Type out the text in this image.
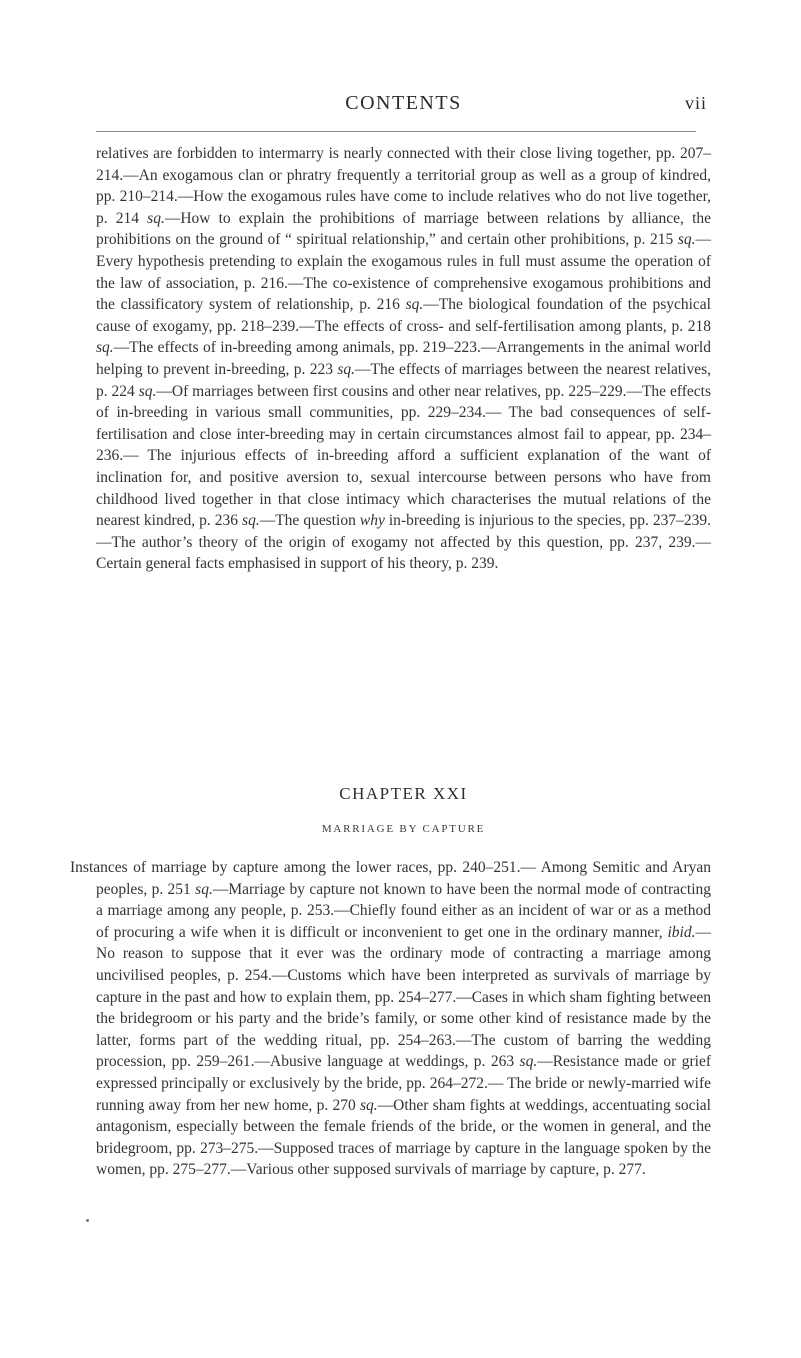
CONTENTS	vii

relatives are forbidden to intermarry is nearly connected with their close living together, pp. 207–214.—An exogamous clan or phratry frequently a territorial group as well as a group of kindred, pp. 210–214.—How the exogamous rules have come to include relatives who do not live together, p. 214 sq.—How to explain the prohibitions of marriage between relations by alliance, the prohibitions on the ground of “ spiritual relationship,” and certain other prohibitions, p. 215 sq.— Every hypothesis pretending to explain the exogamous rules in full must assume the operation of the law of association, p. 216.—The co-existence of comprehensive exogamous prohibitions and the classificatory system of relationship, p. 216 sq.—The biological foundation of the psychical cause of exogamy, pp. 218–239.—The effects of cross- and self-fertilisation among plants, p. 218 sq.—The effects of in-breeding among animals, pp. 219–223.—Arrangements in the animal world helping to prevent in-breeding, p. 223 sq.—The effects of marriages between the nearest relatives, p. 224 sq.—Of marriages between first cousins and other near relatives, pp. 225–229.—The effects of in-breeding in various small communities, pp. 229–234.— The bad consequences of self-fertilisation and close inter-breeding may in certain circumstances almost fail to appear, pp. 234–236.— The injurious effects of in-breeding afford a sufficient explanation of the want of inclination for, and positive aversion to, sexual intercourse between persons who have from childhood lived together in that close intimacy which characterises the mutual relations of the nearest kindred, p. 236 sq.—The question why in-breeding is injurious to the species, pp. 237–239.—The author’s theory of the origin of exogamy not affected by this question, pp. 237, 239.—Certain general facts emphasised in support of his theory, p. 239.

CHAPTER XXI
MARRIAGE BY CAPTURE

Instances of marriage by capture among the lower races, pp. 240–251.— Among Semitic and Aryan peoples, p. 251 sq.—Marriage by capture not known to have been the normal mode of contracting a marriage among any people, p. 253.—Chiefly found either as an incident of war or as a method of procuring a wife when it is difficult or inconvenient to get one in the ordinary manner, ibid.—No reason to suppose that it ever was the ordinary mode of contracting a marriage among uncivilised peoples, p. 254.—Customs which have been interpreted as survivals of marriage by capture in the past and how to explain them, pp. 254–277.—Cases in which sham fighting between the bridegroom or his party and the bride’s family, or some other kind of resistance made by the latter, forms part of the wedding ritual, pp. 254–263.—The custom of barring the wedding procession, pp. 259–261.—Abusive language at weddings, p. 263 sq.—Resistance made or grief expressed principally or exclusively by the bride, pp. 264–272.— The bride or newly-married wife running away from her new home, p. 270 sq.—Other sham fights at weddings, accentuating social antagonism, especially between the female friends of the bride, or the women in general, and the bridegroom, pp. 273–275.—Supposed traces of marriage by capture in the language spoken by the women, pp. 275–277.—Various other supposed survivals of marriage by capture, p. 277.
